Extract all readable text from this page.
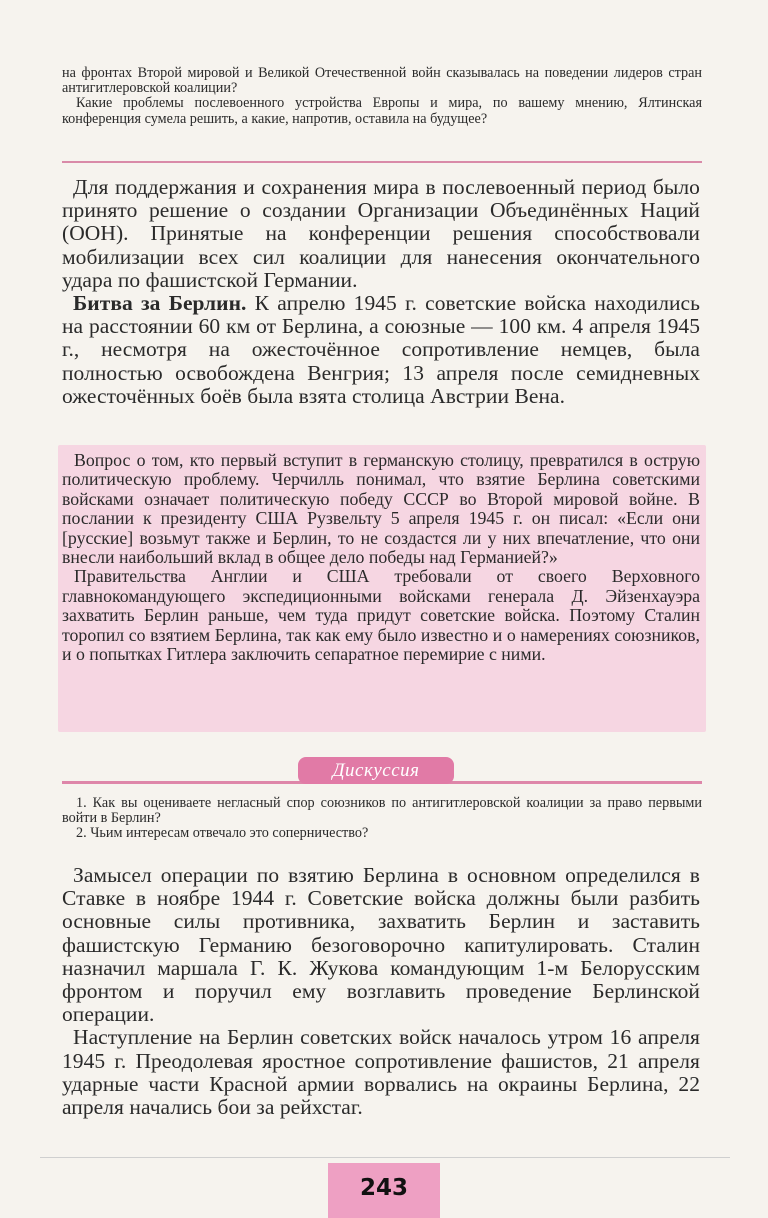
на фронтах Второй мировой и Великой Отечественной войн сказывалась на поведении лидеров стран антигитлеровской коалиции?

Какие проблемы послевоенного устройства Европы и мира, по вашему мнению, Ялтинская конференция сумела решить, а какие, напротив, оставила на будущее?

Для поддержания и сохранения мира в послевоенный период было принято решение о создании Организации Объединённых Наций (ООН). Принятые на конференции решения способствовали мобилизации всех сил коалиции для нанесения окончательного удара по фашистской Германии.

Битва за Берлин. К апрелю 1945 г. советские войска находились на расстоянии 60 км от Берлина, а союзные — 100 км. 4 апреля 1945 г., несмотря на ожесточённое сопротивление немцев, была полностью освобождена Венгрия; 13 апреля после семидневных ожесточённых боёв была взята столица Австрии Вена.

Вопрос о том, кто первый вступит в германскую столицу, превратился в острую политическую проблему. Черчилль понимал, что взятие Берлина советскими войсками означает политическую победу СССР во Второй мировой войне. В послании к президенту США Рузвельту 5 апреля 1945 г. он писал: «Если они [русские] возьмут также и Берлин, то не создастся ли у них впечатление, что они внесли наибольший вклад в общее дело победы над Германией?»

Правительства Англии и США требовали от своего Верховного главнокомандующего экспедиционными войсками генерала Д. Эйзенхауэра захватить Берлин раньше, чем туда придут советские войска. Поэтому Сталин торопил со взятием Берлина, так как ему было известно и о намерениях союзников, и о попытках Гитлера заключить сепаратное перемирие с ними.

Дискуссия

1. Как вы оцениваете негласный спор союзников по антигитлеровской коалиции за право первыми войти в Берлин?

2. Чьим интересам отвечало это соперничество?

Замысел операции по взятию Берлина в основном определился в Ставке в ноябре 1944 г. Советские войска должны были разбить основные силы противника, захватить Берлин и заставить фашистскую Германию безоговорочно капитулировать. Сталин назначил маршала Г. К. Жукова командующим 1-м Белорусским фронтом и поручил ему возглавить проведение Берлинской операции.

Наступление на Берлин советских войск началось утром 16 апреля 1945 г. Преодолевая яростное сопротивление фашистов, 21 апреля ударные части Красной армии ворвались на окраины Берлина, 22 апреля начались бои за рейхстаг.

243
